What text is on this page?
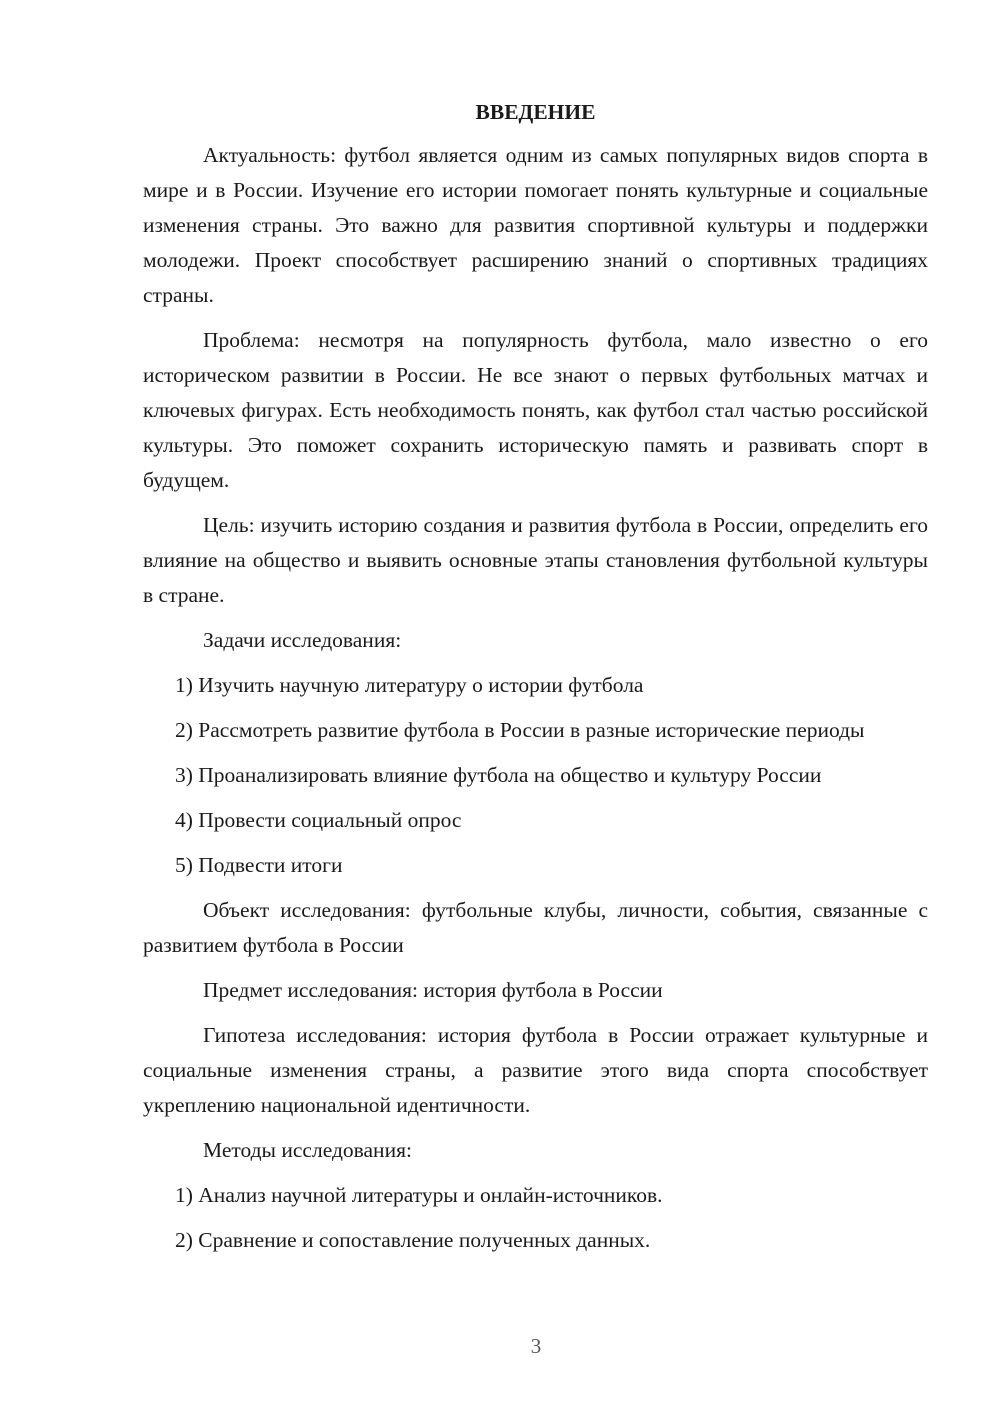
ВВЕДЕНИЕ

Актуальность: футбол является одним из самых популярных видов спорта в мире и в России. Изучение его истории помогает понять культурные и социальные изменения страны. Это важно для развития спортивной культуры и поддержки молодежи. Проект способствует расширению знаний о спортивных традициях страны.

Проблема: несмотря на популярность футбола, мало известно о его историческом развитии в России. Не все знают о первых футбольных матчах и ключевых фигурах. Есть необходимость понять, как футбол стал частью российской культуры. Это поможет сохранить историческую память и развивать спорт в будущем.

Цель: изучить историю создания и развития футбола в России, определить его влияние на общество и выявить основные этапы становления футбольной культуры в стране.

Задачи исследования:

1) Изучить научную литературу о истории футбола

2) Рассмотреть развитие футбола в России в разные исторические периоды

3) Проанализировать влияние футбола на общество и культуру России

4) Провести социальный опрос

5) Подвести итоги

Объект исследования: футбольные клубы, личности, события, связанные с развитием футбола в России

Предмет исследования: история футбола в России

Гипотеза исследования: история футбола в России отражает культурные и социальные изменения страны, а развитие этого вида спорта способствует укреплению национальной идентичности.

Методы исследования:

1) Анализ научной литературы и онлайн-источников.

2) Сравнение и сопоставление полученных данных.

3
